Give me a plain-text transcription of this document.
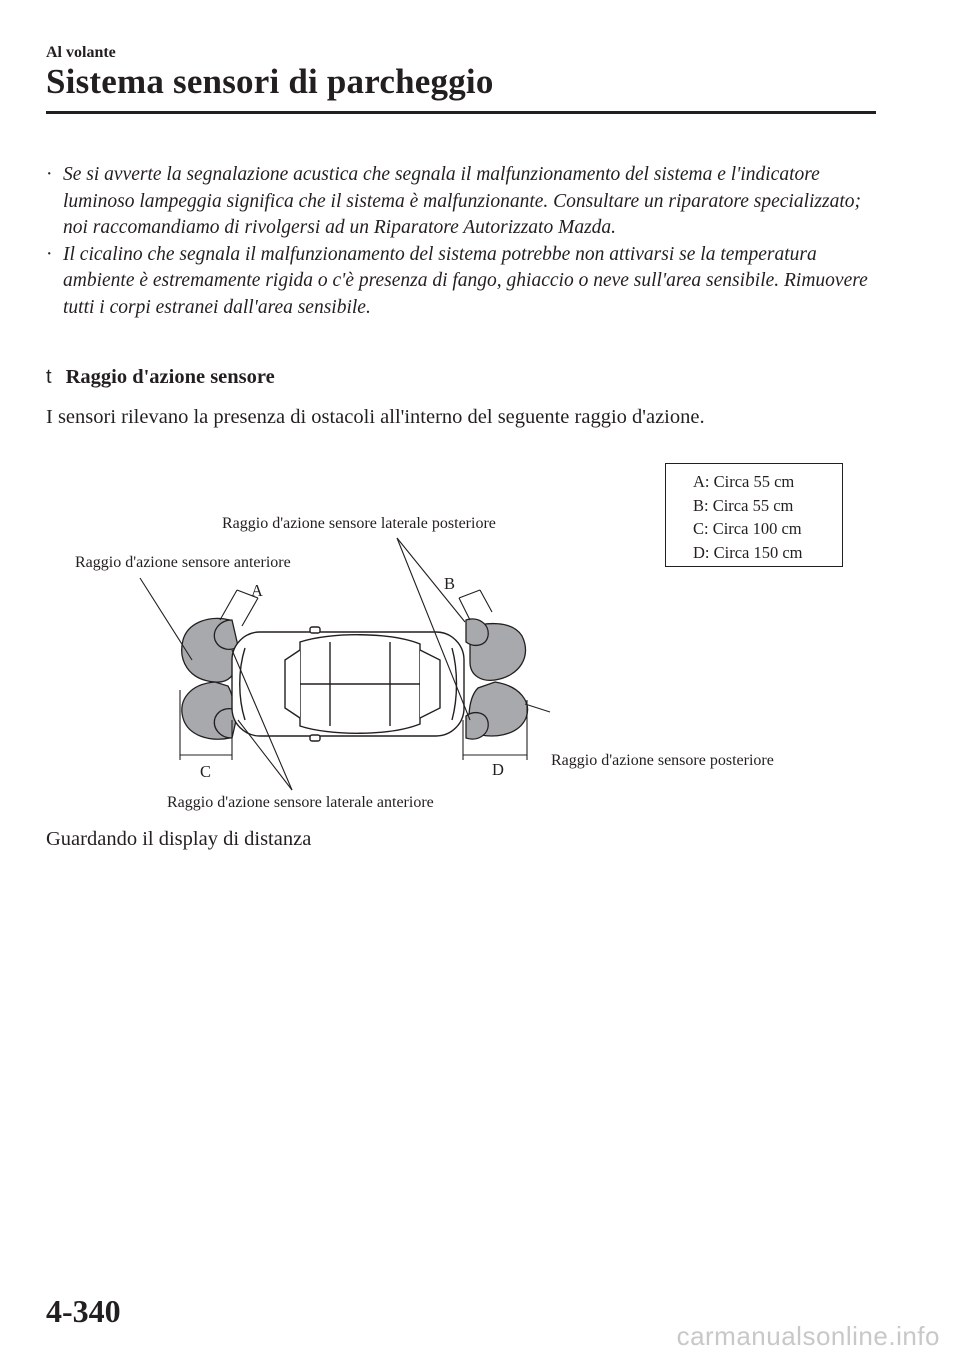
Al volante
Sistema sensori di parcheggio
· Se si avverte la segnalazione acustica che segnala il malfunzionamento del sistema e l'indicatore luminoso lampeggia significa che il sistema è malfunzionante. Consultare un riparatore specializzato; noi raccomandiamo di rivolgersi ad un Riparatore Autorizzato Mazda.
· Il cicalino che segnala il malfunzionamento del sistema potrebbe non attivarsi se la temperatura ambiente è estremamente rigida o c'è presenza di fango, ghiaccio o neve sull'area sensibile. Rimuovere tutti i corpi estranei dall'area sensibile.
t Raggio d'azione sensore
I sensori rilevano la presenza di ostacoli all'interno del seguente raggio d'azione.
A: Circa 55 cm
B: Circa 55 cm
C: Circa 100 cm
D: Circa 150 cm
Raggio d'azione sensore laterale posteriore
Raggio d'azione sensore anteriore
Raggio d'azione sensore posteriore
Raggio d'azione sensore laterale anteriore
A	B
C	D
Guardando il display di distanza
4-340
carmanualsonline.info
